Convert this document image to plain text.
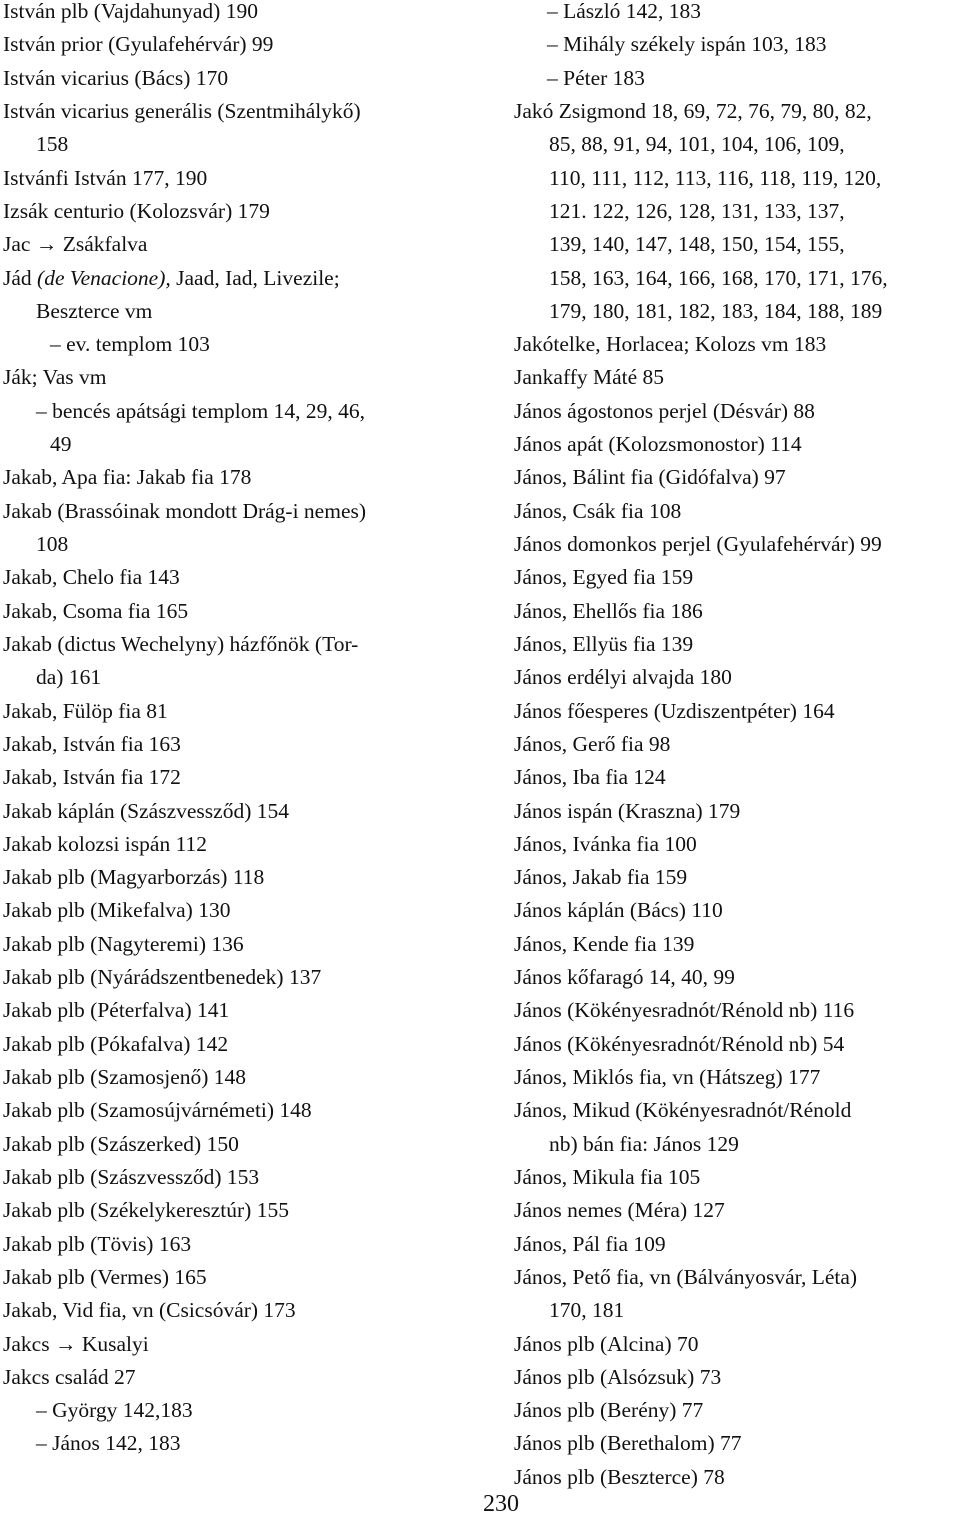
István plb (Vajdahunyad) 190
István prior (Gyulafehérvár) 99
István vicarius (Bács) 170
István vicarius generális (Szentmihálykő)
158
Istvánfi István 177, 190
Izsák centurio (Kolozsvár) 179
Jac → Zsákfalva
Jád (de Venacione), Jaad, Iad, Livezile;
Beszterce vm
– ev. templom 103
Ják; Vas vm
– bencés apátsági templom 14, 29, 46,
49
Jakab, Apa fia: Jakab fia 178
Jakab (Brassóinak mondott Drág-i nemes)
108
Jakab, Chelo fia 143
Jakab, Csoma fia 165
Jakab (dictus Wechelyny) házfőnök (Tor-
da) 161
Jakab, Fülöp fia 81
Jakab, István fia 163
Jakab, István fia 172
Jakab káplán (Szászvessződ) 154
Jakab kolozsi ispán 112
Jakab plb (Magyarborzás) 118
Jakab plb (Mikefalva) 130
Jakab plb (Nagyteremi) 136
Jakab plb (Nyárádszentbenedek) 137
Jakab plb (Péterfalva) 141
Jakab plb (Pókafalva) 142
Jakab plb (Szamosjenő) 148
Jakab plb (Szamosújvárnémeti) 148
Jakab plb (Szászerked) 150
Jakab plb (Szászvessződ) 153
Jakab plb (Székelykeresztúr) 155
Jakab plb (Tövis) 163
Jakab plb (Vermes) 165
Jakab, Vid fia, vn (Csicsóvár) 173
Jakcs → Kusalyi
Jakcs család 27
– György 142,183
– János 142, 183
– László 142, 183
– Mihály székely ispán 103, 183
– Péter 183
Jakó Zsigmond 18, 69, 72, 76, 79, 80, 82,
85, 88, 91, 94, 101, 104, 106, 109,
110, 111, 112, 113, 116, 118, 119, 120,
121. 122, 126, 128, 131, 133, 137,
139, 140, 147, 148, 150, 154, 155,
158, 163, 164, 166, 168, 170, 171, 176,
179, 180, 181, 182, 183, 184, 188, 189
Jakótelke, Horlacea; Kolozs vm 183
Jankaffy Máté 85
János ágostonos perjel (Désvár) 88
János apát (Kolozsmonostor) 114
János, Bálint fia (Gidófalva) 97
János, Csák fia 108
János domonkos perjel (Gyulafehérvár) 99
János, Egyed fia 159
János, Ehellős fia 186
János, Ellyüs fia 139
János erdélyi alvajda 180
János főesperes (Uzdiszentpéter) 164
János, Gerő fia 98
János, Iba fia 124
János ispán (Kraszna) 179
János, Ivánka fia 100
János, Jakab fia 159
János káplán (Bács) 110
János, Kende fia 139
János kőfaragó 14, 40, 99
János (Kökényesradnót/Rénold nb) 116
János (Kökényesradnót/Rénold nb) 54
János, Miklós fia, vn (Hátszeg) 177
János, Mikud (Kökényesradnót/Rénold
nb) bán fia: János 129
János, Mikula fia 105
János nemes (Méra) 127
János, Pál fia 109
János, Pető fia, vn (Bálványosvár, Léta)
170, 181
János plb (Alcina) 70
János plb (Alsózsuk) 73
János plb (Berény) 77
János plb (Berethalom) 77
János plb (Beszterce) 78
230
